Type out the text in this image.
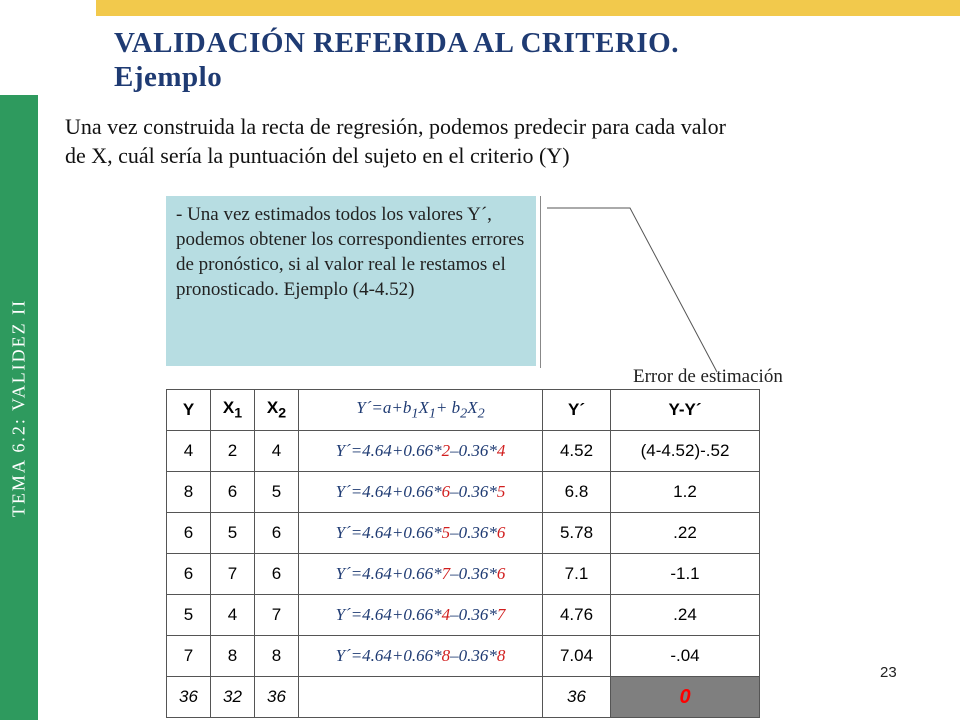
TEMA 6.2: VALIDEZ II
VALIDACIÓN REFERIDA AL CRITERIO.
Ejemplo
Una vez construida la recta de regresión, podemos predecir para cada valor
de X, cuál sería la puntuación del sujeto en el criterio (Y)
- Una vez estimados todos los valores Y´, podemos obtener los correspondientes errores de pronóstico, si al valor real le restamos el pronosticado. Ejemplo (4-4.52)
Error de estimación
Y	$X_1$	$X_2$	$Y´=a+b_1X_1+ b_2X_2$	Y´	Y-Y´
4	2	4	Y´=4.64+0.66*2–0.36*4	4.52	(4-4.52)-.52
8	6	5	Y´=4.64+0.66*6–0.36*5	6.8	1.2
6	5	6	Y´=4.64+0.66*5–0.36*6	5.78	.22
6	7	6	Y´=4.64+0.66*7–0.36*6	7.1	-1.1
5	4	7	Y´=4.64+0.66*4–0.36*7	4.76	.24
7	8	8	Y´=4.64+0.66*8–0.36*8	7.04	-.04
36	32	36		36	0
23
